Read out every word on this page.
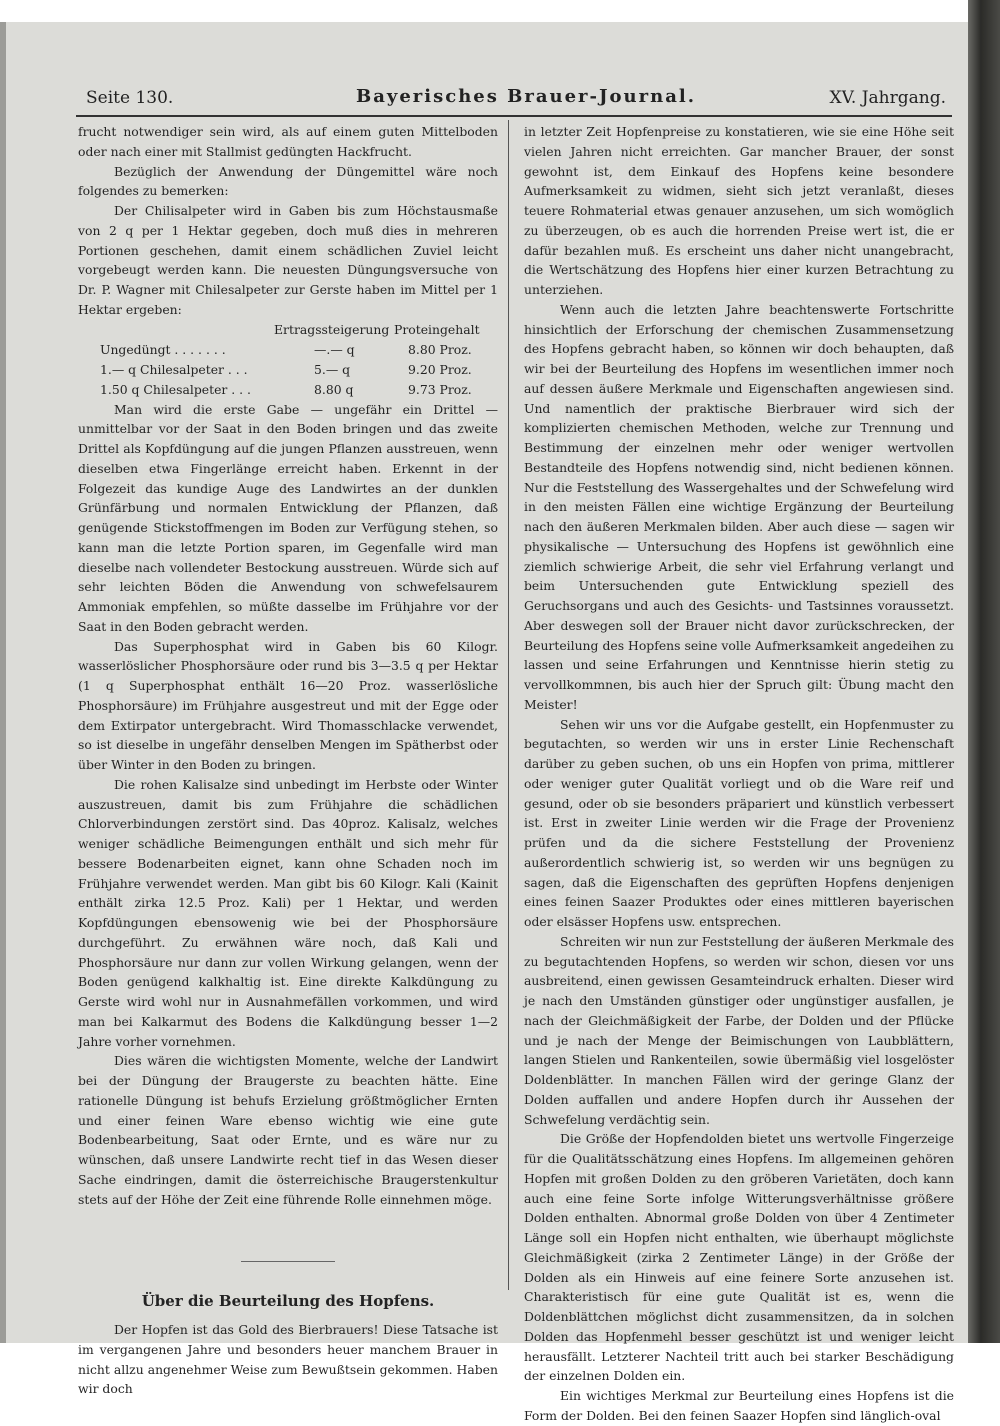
Seite 130.	Bayerisches Brauer-Journal.	XV. Jahrgang.

frucht notwendiger sein wird, als auf einem guten Mittelboden oder nach einer mit Stallmist gedüngten Hackfrucht.

Bezüglich der Anwendung der Düngemittel wäre noch folgendes zu bemerken:

Der Chilisalpeter wird in Gaben bis zum Höchstausmaße von 2 q per 1 Hektar gegeben, doch muß dies in mehreren Portionen geschehen, damit einem schädlichen Zuviel leicht vorgebeugt werden kann. Die neuesten Düngungsversuche von Dr. P. Wagner mit Chilesalpeter zur Gerste haben im Mittel per 1 Hektar ergeben:

Ertragssteigerung Proteingehalt
Ungedüngt . . . . . . .	—.— q	8.80 Proz.
1.— q Chilesalpeter . . .	5.— q	9.20 Proz.
1.50 q Chilesalpeter . . .	8.80 q	9.73 Proz.

Man wird die erste Gabe — ungefähr ein Drittel — unmittelbar vor der Saat in den Boden bringen und das zweite Drittel als Kopfdüngung auf die jungen Pflanzen ausstreuen, wenn dieselben etwa Fingerlänge erreicht haben. Erkennt in der Folgezeit das kundige Auge des Landwirtes an der dunklen Grünfärbung und normalen Entwicklung der Pflanzen, daß genügende Stickstoffmengen im Boden zur Verfügung stehen, so kann man die letzte Portion sparen, im Gegenfalle wird man dieselbe nach vollendeter Bestockung ausstreuen. Würde sich auf sehr leichten Böden die Anwendung von schwefelsaurem Ammoniak empfehlen, so müßte dasselbe im Frühjahre vor der Saat in den Boden gebracht werden.

Das Superphosphat wird in Gaben bis 60 Kilogr. wasserlöslicher Phosphorsäure oder rund bis 3—3.5 q per Hektar (1 q Superphosphat enthält 16—20 Proz. wasserlösliche Phosphorsäure) im Frühjahre ausgestreut und mit der Egge oder dem Extirpator untergebracht. Wird Thomasschlacke verwendet, so ist dieselbe in ungefähr denselben Mengen im Spätherbst oder über Winter in den Boden zu bringen.

Die rohen Kalisalze sind unbedingt im Herbste oder Winter auszustreuen, damit bis zum Frühjahre die schädlichen Chlorverbindungen zerstört sind. Das 40proz. Kalisalz, welches weniger schädliche Beimengungen enthält und sich mehr für bessere Bodenarbeiten eignet, kann ohne Schaden noch im Frühjahre verwendet werden. Man gibt bis 60 Kilogr. Kali (Kainit enthält zirka 12.5 Proz. Kali) per 1 Hektar, und werden Kopfdüngungen ebensowenig wie bei der Phosphorsäure durchgeführt. Zu erwähnen wäre noch, daß Kali und Phosphorsäure nur dann zur vollen Wirkung gelangen, wenn der Boden genügend kalkhaltig ist. Eine direkte Kalkdüngung zu Gerste wird wohl nur in Ausnahmefällen vorkommen, und wird man bei Kalkarmut des Bodens die Kalkdüngung besser 1—2 Jahre vorher vornehmen.

Dies wären die wichtigsten Momente, welche der Landwirt bei der Düngung der Braugerste zu beachten hätte. Eine rationelle Düngung ist behufs Erzielung größtmöglicher Ernten und einer feinen Ware ebenso wichtig wie eine gute Bodenbearbeitung, Saat oder Ernte, und es wäre nur zu wünschen, daß unsere Landwirte recht tief in das Wesen dieser Sache eindringen, damit die österreichische Braugerstenkultur stets auf der Höhe der Zeit eine führende Rolle einnehmen möge.

Über die Beurteilung des Hopfens.

Der Hopfen ist das Gold des Bierbrauers! Diese Tatsache ist im vergangenen Jahre und besonders heuer manchem Brauer in nicht allzu angenehmer Weise zum Bewußtsein gekommen. Haben wir doch

in letzter Zeit Hopfenpreise zu konstatieren, wie sie eine Höhe seit vielen Jahren nicht erreichten. Gar mancher Brauer, der sonst gewohnt ist, dem Einkauf des Hopfens keine besondere Aufmerksamkeit zu widmen, sieht sich jetzt veranlaßt, dieses teuere Rohmaterial etwas genauer anzusehen, um sich womöglich zu überzeugen, ob es auch die horrenden Preise wert ist, die er dafür bezahlen muß. Es erscheint uns daher nicht unangebracht, die Wertschätzung des Hopfens hier einer kurzen Betrachtung zu unterziehen.

Wenn auch die letzten Jahre beachtenswerte Fortschritte hinsichtlich der Erforschung der chemischen Zusammensetzung des Hopfens gebracht haben, so können wir doch behaupten, daß wir bei der Beurteilung des Hopfens im wesentlichen immer noch auf dessen äußere Merkmale und Eigenschaften angewiesen sind. Und namentlich der praktische Bierbrauer wird sich der komplizierten chemischen Methoden, welche zur Trennung und Bestimmung der einzelnen mehr oder weniger wertvollen Bestandteile des Hopfens notwendig sind, nicht bedienen können. Nur die Feststellung des Wassergehaltes und der Schwefelung wird in den meisten Fällen eine wichtige Ergänzung der Beurteilung nach den äußeren Merkmalen bilden. Aber auch diese — sagen wir physikalische — Untersuchung des Hopfens ist gewöhnlich eine ziemlich schwierige Arbeit, die sehr viel Erfahrung verlangt und beim Untersuchenden gute Entwicklung speziell des Geruchsorgans und auch des Gesichts- und Tastsinnes voraussetzt. Aber deswegen soll der Brauer nicht davor zurückschrecken, der Beurteilung des Hopfens seine volle Aufmerksamkeit angedeihen zu lassen und seine Erfahrungen und Kenntnisse hierin stetig zu vervollkommnen, bis auch hier der Spruch gilt: Übung macht den Meister!

Sehen wir uns vor die Aufgabe gestellt, ein Hopfenmuster zu begutachten, so werden wir uns in erster Linie Rechenschaft darüber zu geben suchen, ob uns ein Hopfen von prima, mittlerer oder weniger guter Qualität vorliegt und ob die Ware reif und gesund, oder ob sie besonders präpariert und künstlich verbessert ist. Erst in zweiter Linie werden wir die Frage der Provenienz prüfen und da die sichere Feststellung der Provenienz außerordentlich schwierig ist, so werden wir uns begnügen zu sagen, daß die Eigenschaften des geprüften Hopfens denjenigen eines feinen Saazer Produktes oder eines mittleren bayerischen oder elsässer Hopfens usw. entsprechen.

Schreiten wir nun zur Feststellung der äußeren Merkmale des zu begutachtenden Hopfens, so werden wir schon, diesen vor uns ausbreitend, einen gewissen Gesamteindruck erhalten. Dieser wird je nach den Umständen günstiger oder ungünstiger ausfallen, je nach der Gleichmäßigkeit der Farbe, der Dolden und der Pflücke und je nach der Menge der Beimischungen von Laubblättern, langen Stielen und Rankenteilen, sowie übermäßig viel losgelöster Doldenblätter. In manchen Fällen wird der geringe Glanz der Dolden auffallen und andere Hopfen durch ihr Aussehen der Schwefelung verdächtig sein.

Die Größe der Hopfendolden bietet uns wertvolle Fingerzeige für die Qualitätsschätzung eines Hopfens. Im allgemeinen gehören Hopfen mit großen Dolden zu den gröberen Varietäten, doch kann auch eine feine Sorte infolge Witterungsverhältnisse größere Dolden enthalten. Abnormal große Dolden von über 4 Zentimeter Länge soll ein Hopfen nicht enthalten, wie überhaupt möglichste Gleichmäßigkeit (zirka 2 Zentimeter Länge) in der Größe der Dolden als ein Hinweis auf eine feinere Sorte anzusehen ist. Charakteristisch für eine gute Qualität ist es, wenn die Doldenblättchen möglichst dicht zusammensitzen, da in solchen Dolden das Hopfenmehl besser geschützt ist und weniger leicht herausfällt. Letzterer Nachteil tritt auch bei starker Beschädigung der einzelnen Dolden ein.

Ein wichtiges Merkmal zur Beurteilung eines Hopfens ist die Form der Dolden. Bei den feinen Saazer Hopfen sind länglich-oval
